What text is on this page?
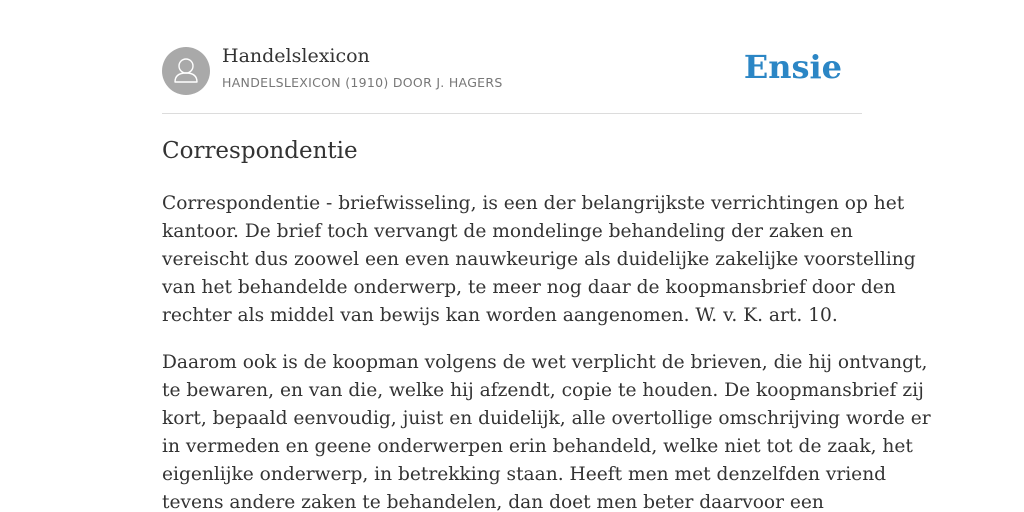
Handelslexicon
HANDELSLEXICON (1910) DOOR J. HAGERS	Ensie
Correspondentie

Correspondentie - briefwisseling, is een der belangrijkste verrichtingen op het
kantoor. De brief toch vervangt de mondelinge behandeling der zaken en
vereischt dus zoowel een even nauwkeurige als duidelijke zakelijke voorstelling
van het behandelde onderwerp, te meer nog daar de koopmansbrief door den
rechter als middel van bewijs kan worden aangenomen. W. v. K. art. 10.

Daarom ook is de koopman volgens de wet verplicht de brieven, die hij ontvangt,
te bewaren, en van die, welke hij afzendt, copie te houden. De koopmansbrief zij
kort, bepaald eenvoudig, juist en duidelijk, alle overtollige omschrijving worde er
in vermeden en geene onderwerpen erin behandeld, welke niet tot de zaak, het
eigenlijke onderwerp, in betrekking staan. Heeft men met denzelfden vriend
tevens andere zaken te behandelen, dan doet men beter daarvoor een
